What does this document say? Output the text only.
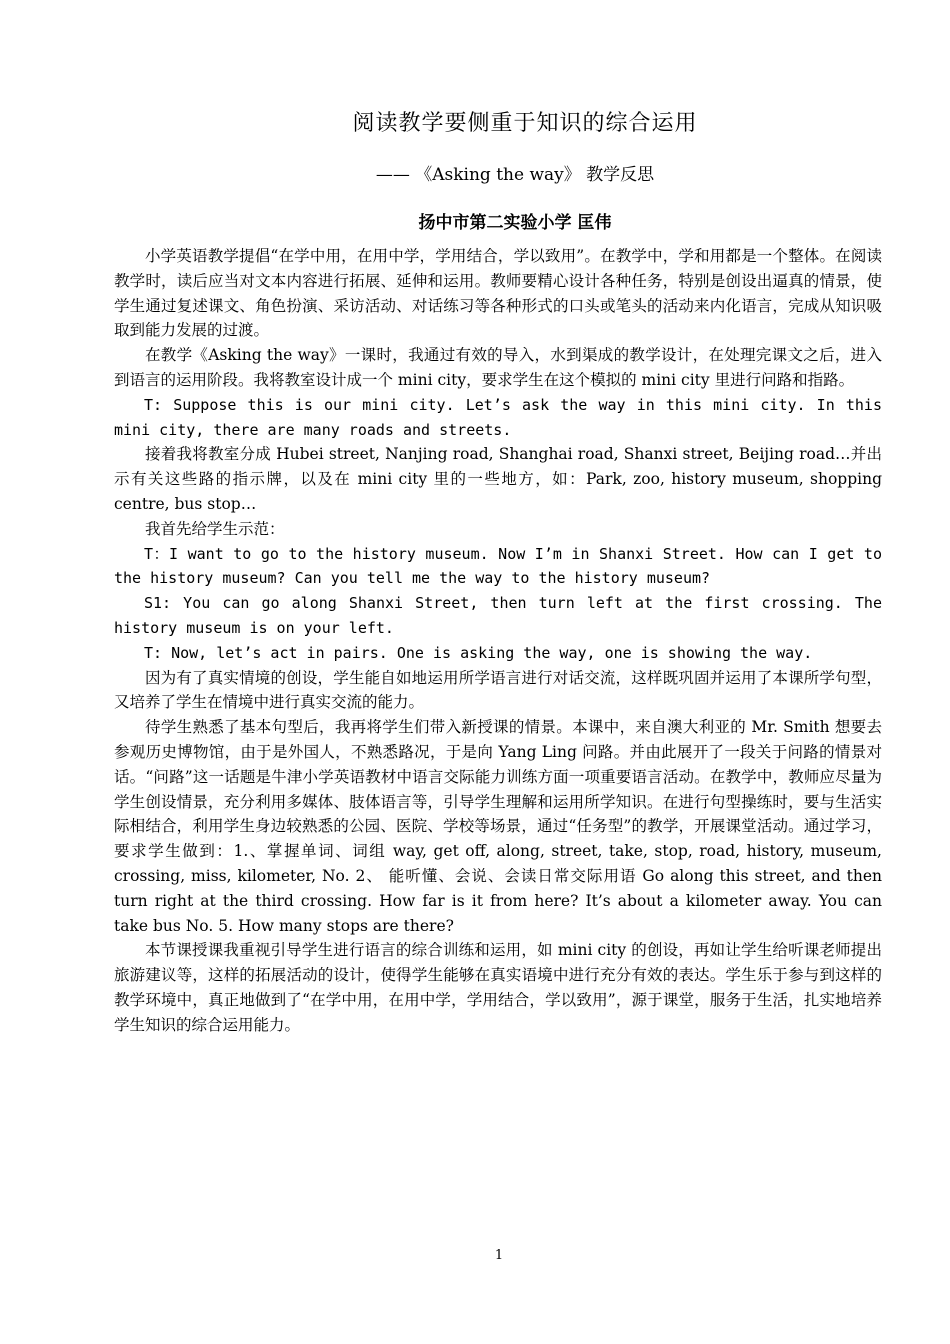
阅读教学要侧重于知识的综合运用
—— 《Asking the way》 教学反思
扬中市第二实验小学 匡伟

小学英语教学提倡“在学中用，在用中学，学用结合，学以致用”。在教学中，学和用都是一个整体。在阅读教学时，读后应当对文本内容进行拓展、延伸和运用。教师要精心设计各种任务，特别是创设出逼真的情景，使学生通过复述课文、角色扮演、采访活动、对话练习等各种形式的口头或笔头的活动来内化语言，完成从知识吸取到能力发展的过渡。

在教学《Asking the way》一课时，我通过有效的导入，水到渠成的教学设计，在处理完课文之后，进入到语言的运用阶段。我将教室设计成一个 mini city，要求学生在这个模拟的 mini city 里进行问路和指路。

T: Suppose this is our mini city. Let’s ask the way in this mini city. In this mini city, there are many roads and streets.

接着我将教室分成 Hubei street, Nanjing road, Shanghai road, Shanxi street, Beijing road…并出示有关这些路的指示牌，以及在 mini city 里的一些地方，如：Park, zoo, history museum, shopping centre, bus stop…

我首先给学生示范：

T：I want to go to the history museum. Now I’m in Shanxi Street. How can I get to the history museum? Can you tell me the way to the history museum?

S1: You can go along Shanxi Street, then turn left at the first crossing. The history museum is on your left.

T: Now, let’s act in pairs. One is asking the way, one is showing the way.

因为有了真实情境的创设，学生能自如地运用所学语言进行对话交流，这样既巩固并运用了本课所学句型，又培养了学生在情境中进行真实交流的能力。

待学生熟悉了基本句型后，我再将学生们带入新授课的情景。本课中，来自澳大利亚的 Mr. Smith 想要去参观历史博物馆，由于是外国人，不熟悉路况，于是向 Yang Ling 问路。并由此展开了一段关于问路的情景对话。“问路”这一话题是牛津小学英语教材中语言交际能力训练方面一项重要语言活动。在教学中，教师应尽量为学生创设情景，充分利用多媒体、肢体语言等，引导学生理解和运用所学知识。在进行句型操练时，要与生活实际相结合，利用学生身边较熟悉的公园、医院、学校等场景，通过“任务型”的教学，开展课堂活动。通过学习，要求学生做到：1.、掌握单词、词组 way, get off, along, street, take, stop, road, history, museum, crossing, miss, kilometer, No. 2、 能听懂、会说、会读日常交际用语 Go along this street, and then turn right at the third crossing. How far is it from here? It’s about a kilometer away. You can take bus No. 5. How many stops are there?

本节课授课我重视引导学生进行语言的综合训练和运用，如 mini city 的创设，再如让学生给听课老师提出旅游建议等，这样的拓展活动的设计，使得学生能够在真实语境中进行充分有效的表达。学生乐于参与到这样的教学环境中，真正地做到了“在学中用，在用中学，学用结合，学以致用”，源于课堂，服务于生活，扎实地培养学生知识的综合运用能力。

1
